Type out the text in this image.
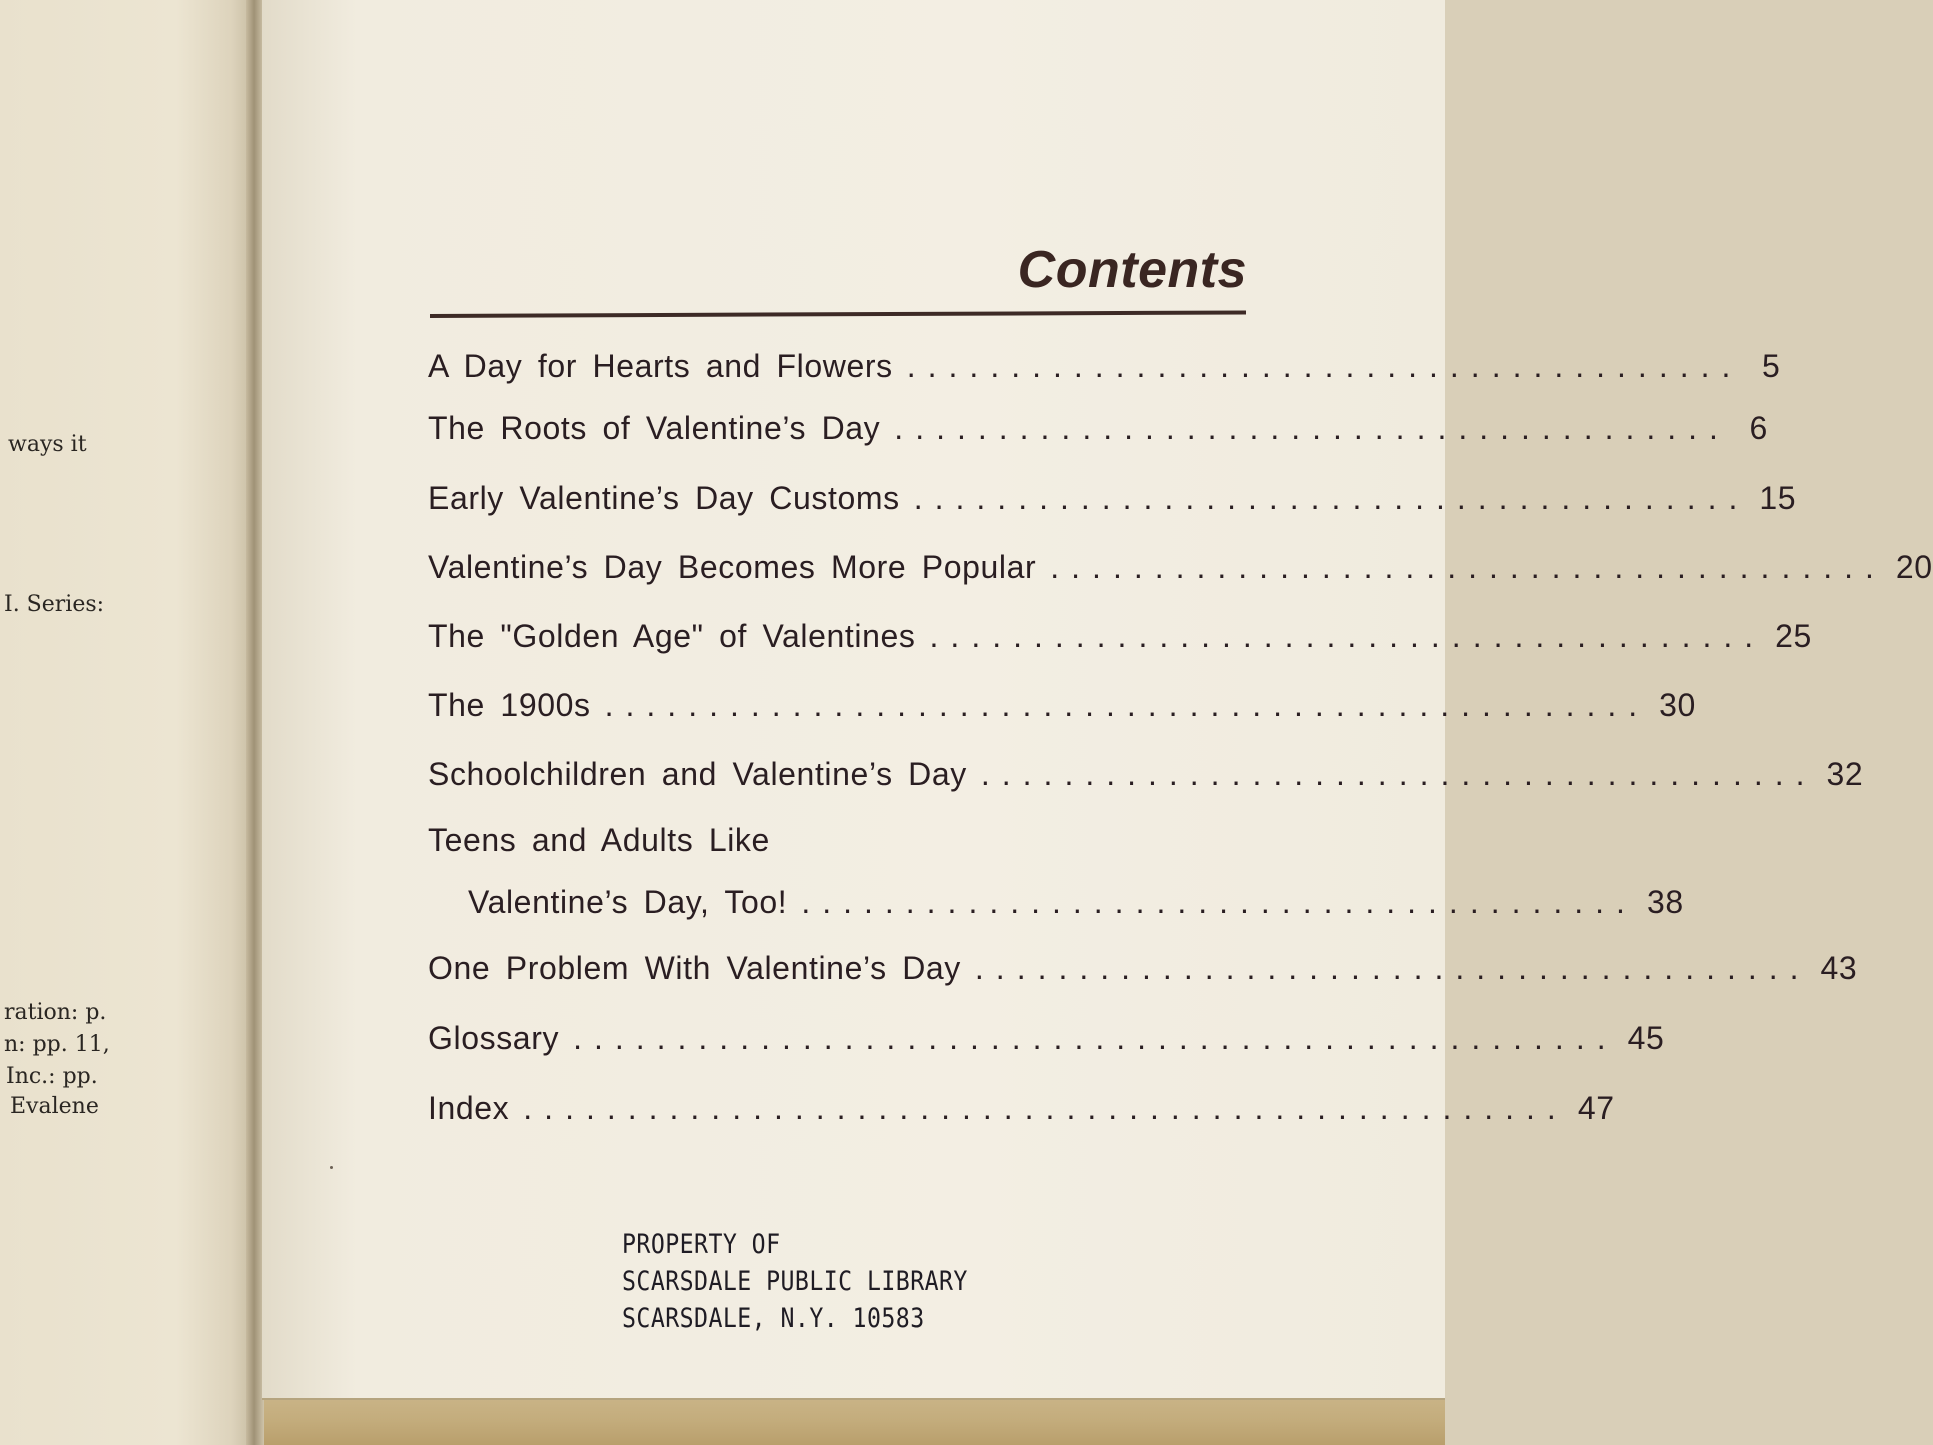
ways it
I. Series:
ration: p.
n: pp. 11,
Inc.: pp.
Evalene
Contents
A Day for Hearts and Flowers ........................................ 5
The Roots of Valentine’s Day ........................................ 6
Early Valentine’s Day Customs ........................................ 15
Valentine’s Day Becomes More Popular ........................................ 20
The "Golden Age" of Valentines ........................................ 25
The 1900s .................................................. 30
Schoolchildren and Valentine’s Day ........................................ 32
Teens and Adults Like
Valentine’s Day, Too! ........................................ 38
One Problem With Valentine’s Day ........................................ 43
Glossary .................................................. 45
Index .................................................. 47
PROPERTY OF
SCARSDALE PUBLIC LIBRARY
SCARSDALE, N.Y. 10583
